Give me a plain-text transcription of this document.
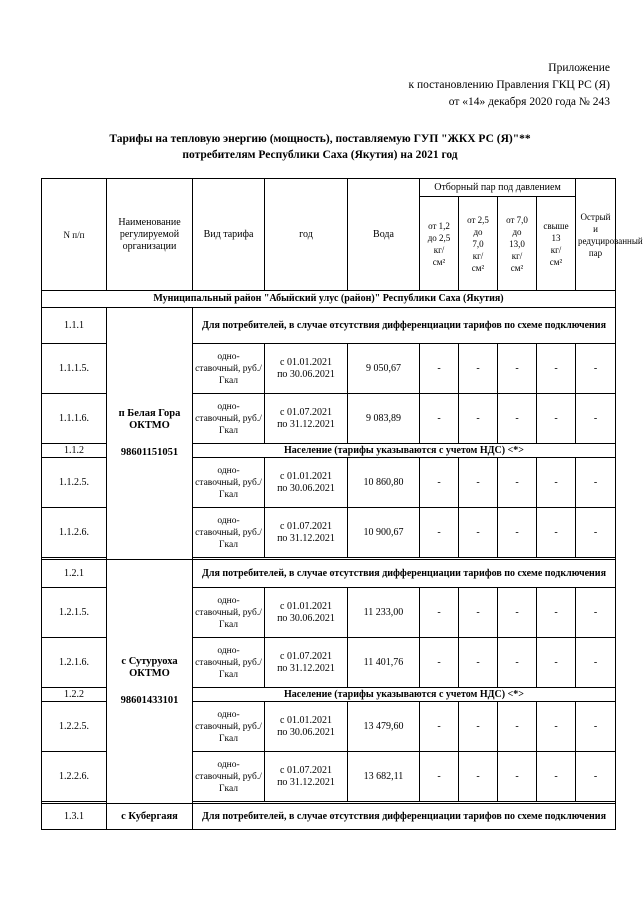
Приложение
к постановлению Правления ГКЦ РС (Я)
от «14» декабря 2020 года № 243
Тарифы на тепловую энергию (мощность), поставляемую ГУП "ЖКХ РС (Я)"**
потребителям Республики Саха (Якутия) на 2021 год
N п/п	Наименование регулируемой организации	Вид тарифа	год	Вода	Отборный пар под давлением				Острый и редуцированный пар

					от 1,2
до 2,5
кг/
см²	от 2,5
до
7,0
кг/
см²	от 7,0
до
13,0
кг/
см²	свыше
13
кг/
см²	

Муниципальный район "Абыйский улус (район)" Республики Саха (Якутия)									
1.1.1	п Белая Гора
ОКТМО
98601151051	Для потребителей, в случае отсутствия дифференциации тарифов по схеме подключения							
1.1.1.5.		одно-ставочный, руб./Гкал	с 01.01.2021
по 30.06.2021	9 050,67	-	-	-	-	-
1.1.1.6.		одно-ставочный, руб./Гкал	с 01.07.2021
по 31.12.2021	9 083,89	-	-	-	-	-
1.1.2		Население (тарифы указываются с учетом НДС) <*>							
1.1.2.5.		одно-ставочный, руб./Гкал	с 01.01.2021
по 30.06.2021	10 860,80	-	-	-	-	-
1.1.2.6.		одно-ставочный, руб./Гкал	с 01.07.2021
по 31.12.2021	10 900,67	-	-	-	-	-

1.2.1	с Сутуруоха
ОКТМО
98601433101	Для потребителей, в случае отсутствия дифференциации тарифов по схеме подключения							
1.2.1.5.		одно-ставочный, руб./Гкал	с 01.01.2021
по 30.06.2021	11 233,00	-	-	-	-	-
1.2.1.6.		одно-ставочный, руб./Гкал	с 01.07.2021
по 31.12.2021	11 401,76	-	-	-	-	-
1.2.2		Население (тарифы указываются с учетом НДС) <*>							
1.2.2.5.		одно-ставочный, руб./Гкал	с 01.01.2021
по 30.06.2021	13 479,60	-	-	-	-	-
1.2.2.6.		одно-ставочный, руб./Гкал	с 01.07.2021
по 31.12.2021	13 682,11	-	-	-	-	-

1.3.1	с Кубергаяя	Для потребителей, в случае отсутствия дифференциации тарифов по схеме подключения							
